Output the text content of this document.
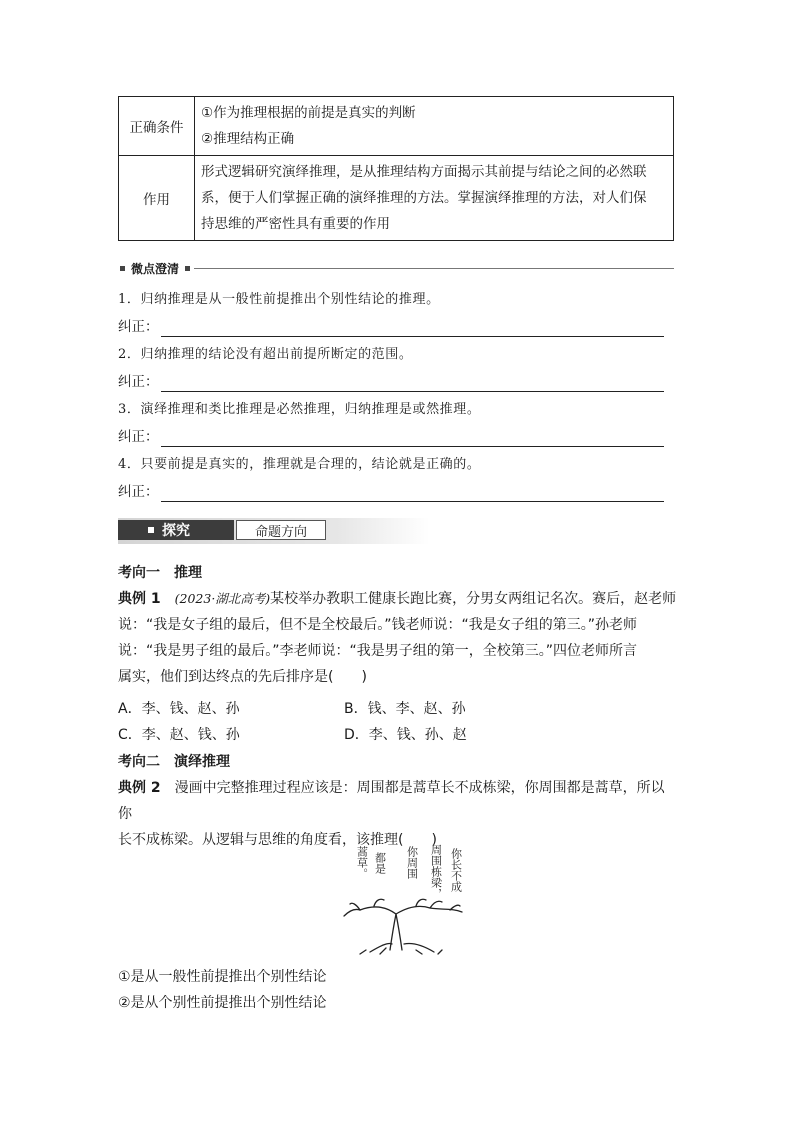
正确条件	①作为推理根据的前提是真实的判断
②推理结构正确

作用	形式逻辑研究演绎推理，是从推理结构方面揭示其前提与结论之间的必然联
系，便于人们掌握正确的演绎推理的方法。掌握演绎推理的方法，对人们保
持思维的严密性具有重要的作用
微点澄清
1．归纳推理是从一般性前提推出个别性结论的推理。
纠正：
2．归纳推理的结论没有超出前提所断定的范围。
纠正：
3．演绎推理和类比推理是必然推理，归纳推理是或然推理。
纠正：
4．只要前提是真实的，推理就是合理的，结论就是正确的。
纠正：
探究	命题方向

考向一　推理

典例 1　 (2023·湖北高考)某校举办教职工健康长跑比赛，分男女两组记名次。赛后，赵老师

说：“我是女子组的最后，但不是全校最后。”钱老师说：“我是女子组的第三。”孙老师

说：“我是男子组的最后。”李老师说：“我是男子组的第一，全校第三。”四位老师所言

属实，他们到达终点的先后排序是(　　)

A．李、钱、赵、孙	B．钱、李、赵、孙
C．李、赵、钱、孙	D．李、钱、孙、赵

考向二　演绎推理

典例 2　 漫画中完整推理过程应该是：周围都是蒿草长不成栋梁，你周围都是蒿草，所以你

长不成栋梁。从逻辑与思维的角度看，该推理(　　)

你长不成
周围栋梁，
你周围
都是
蒿草。

①是从一般性前提推出个别性结论

②是从个别性前提推出个别性结论
